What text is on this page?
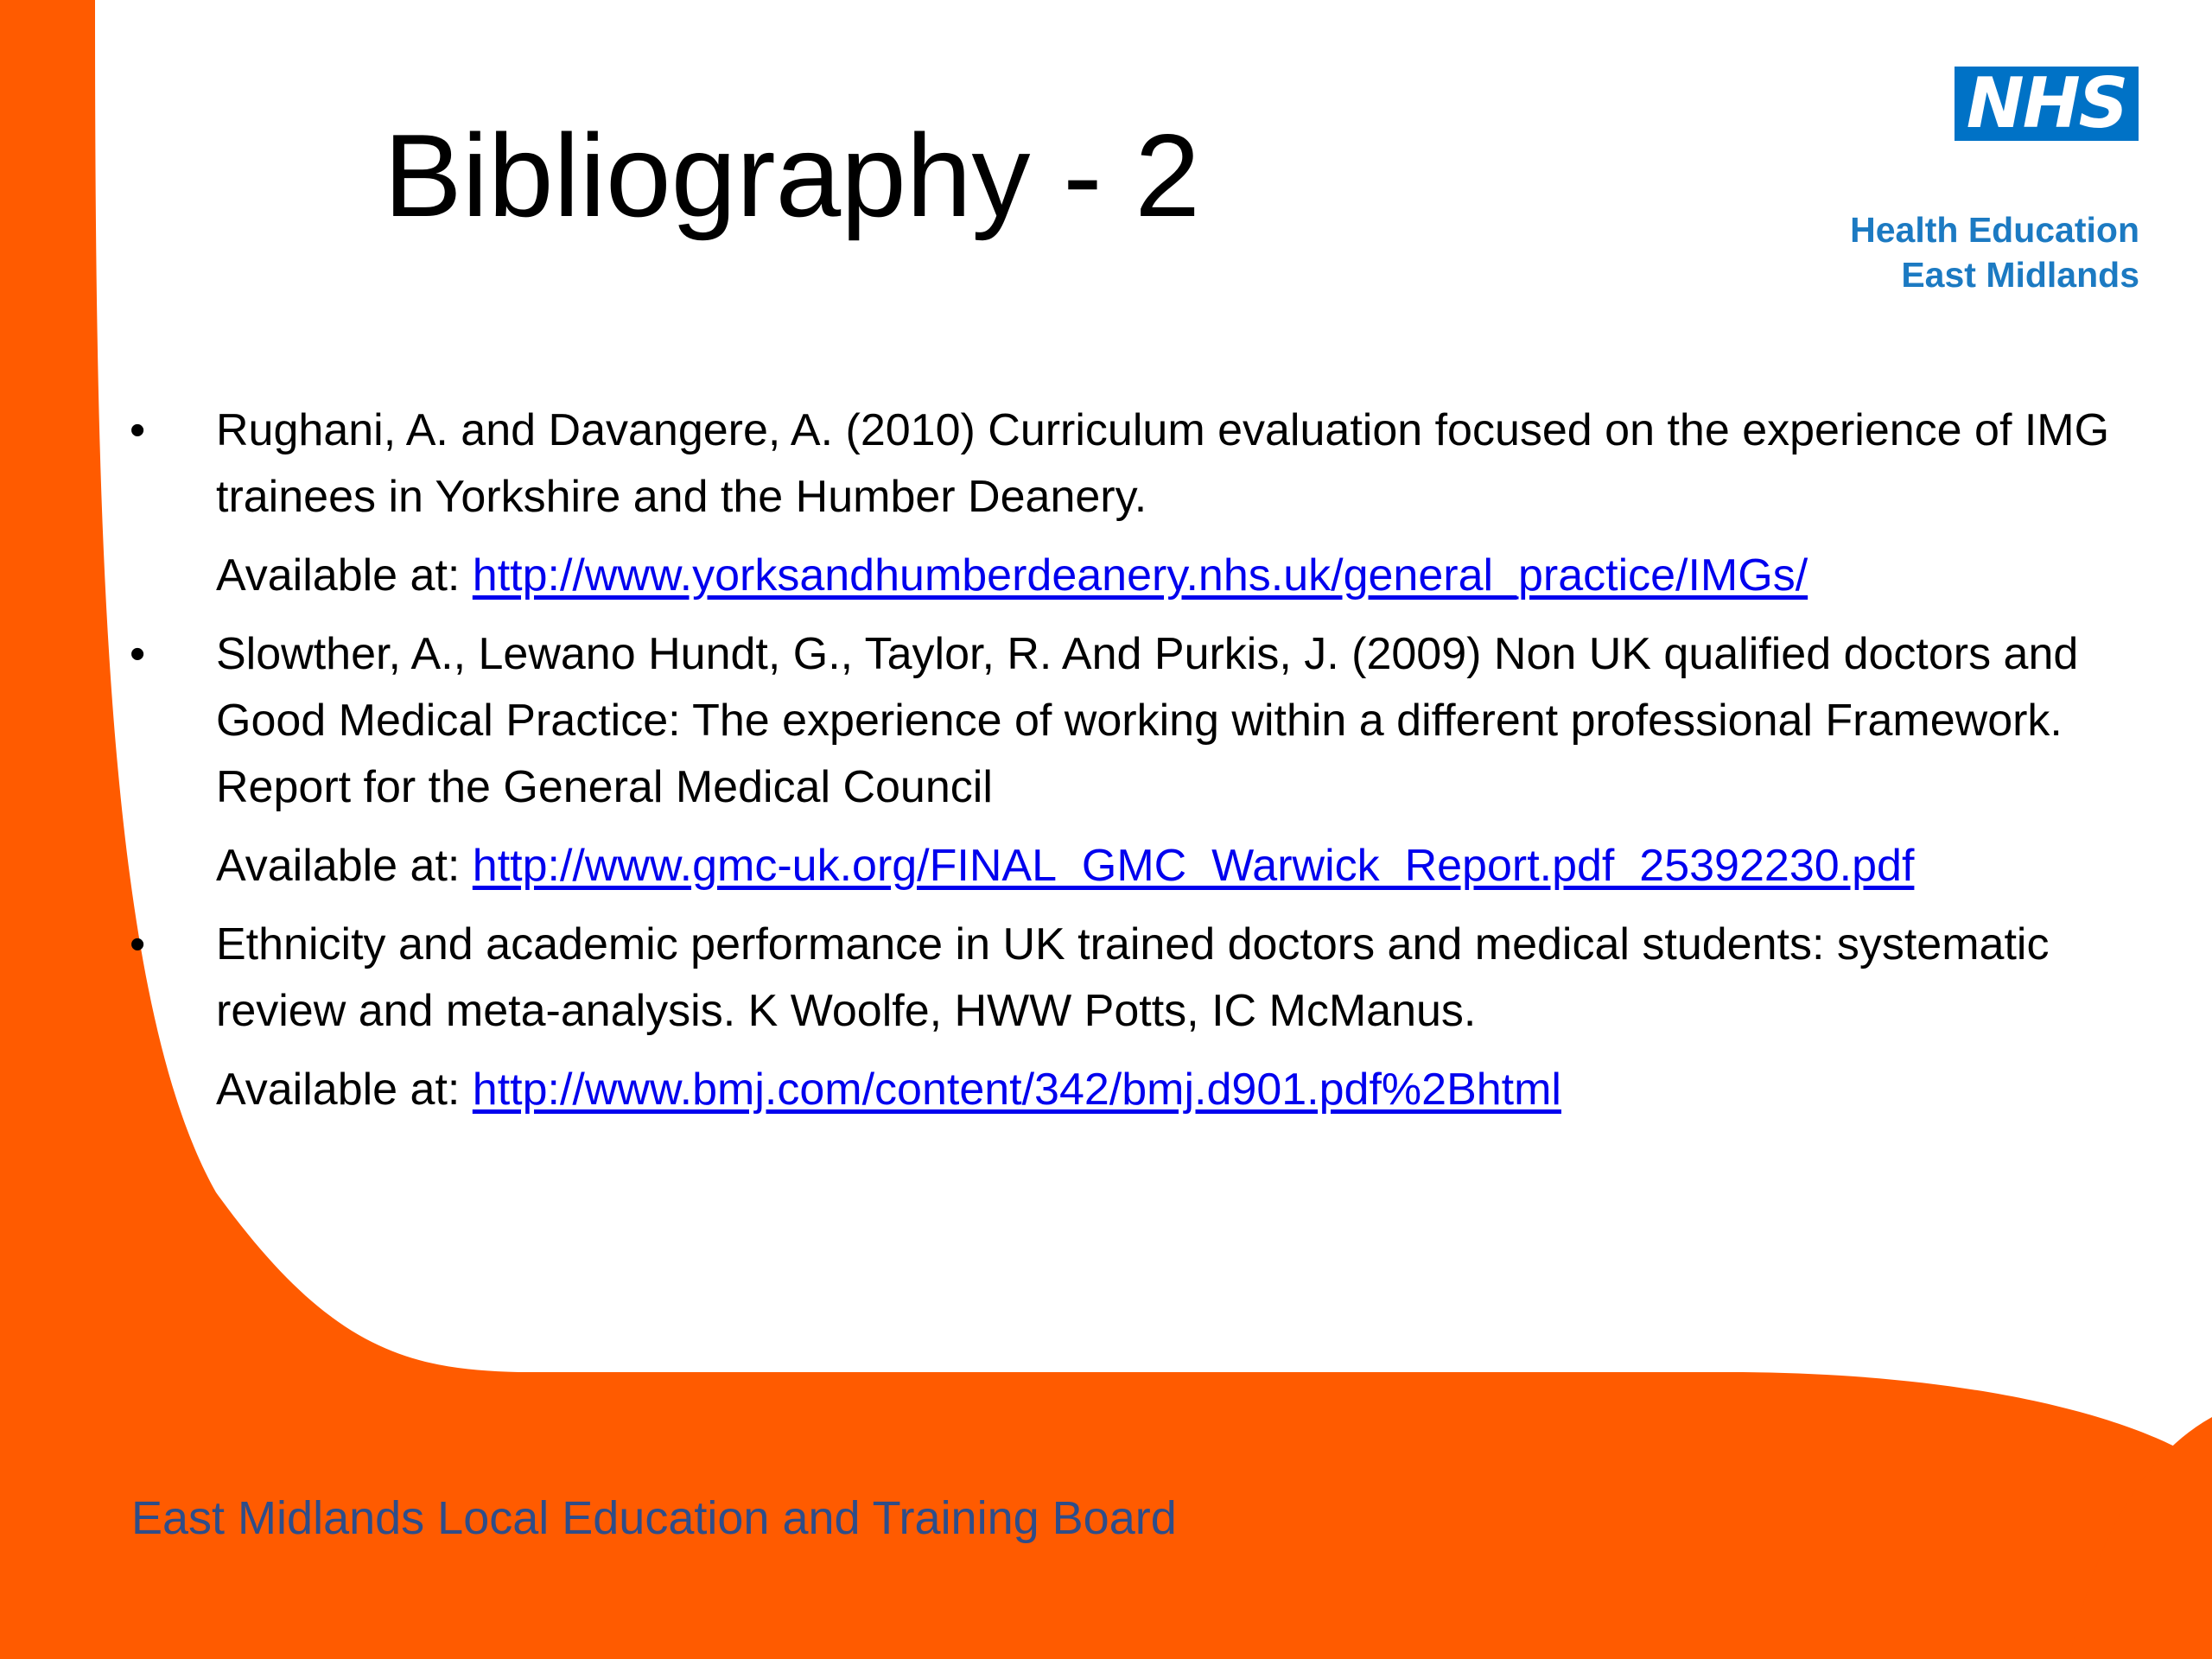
NHS
Health Education
East Midlands
Bibliography - 2
• Rughani, A. and Davangere, A. (2010) Curriculum evaluation focused on the experience of IMG trainees in Yorkshire and the Humber Deanery.
Available at: http://www.yorksandhumberdeanery.nhs.uk/general_practice/IMGs/
• Slowther, A., Lewano Hundt, G., Taylor, R. And Purkis, J. (2009) Non UK qualified doctors and Good Medical Practice: The experience of working within a different professional Framework. Report for the General Medical Council
Available at: http://www.gmc-uk.org/FINAL_GMC_Warwick_Report.pdf_25392230.pdf
• Ethnicity and academic performance in UK trained doctors and medical students: systematic review and meta-analysis. K Woolfe, HWW Potts, IC McManus.
Available at: http://www.bmj.com/content/342/bmj.d901.pdf%2Bhtml
East Midlands Local Education and Training Board
